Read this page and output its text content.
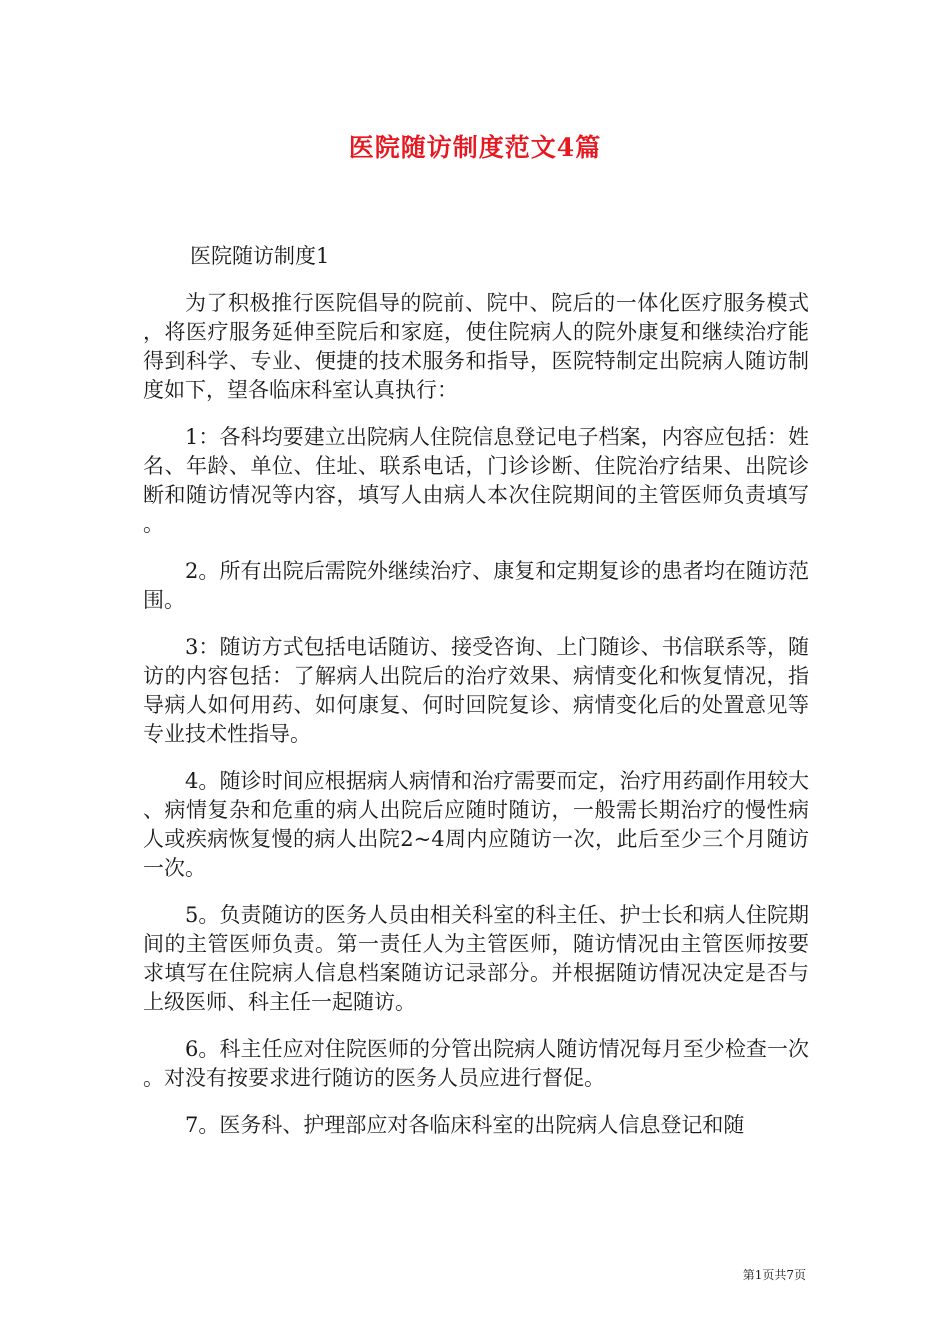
医院随访制度范文4篇

医院随访制度1

为了积极推行医院倡导的院前、院中、院后的一体化医疗服务模式，将医疗服务延伸至院后和家庭，使住院病人的院外康复和继续治疗能得到科学、专业、便捷的技术服务和指导，医院特制定出院病人随访制度如下，望各临床科室认真执行：

1：各科均要建立出院病人住院信息登记电子档案，内容应包括：姓名、年龄、单位、住址、联系电话，门诊诊断、住院治疗结果、出院诊断和随访情况等内容，填写人由病人本次住院期间的主管医师负责填写。

2。所有出院后需院外继续治疗、康复和定期复诊的患者均在随访范围。

3：随访方式包括电话随访、接受咨询、上门随诊、书信联系等，随访的内容包括：了解病人出院后的治疗效果、病情变化和恢复情况，指导病人如何用药、如何康复、何时回院复诊、病情变化后的处置意见等专业技术性指导。

4。随诊时间应根据病人病情和治疗需要而定，治疗用药副作用较大、病情复杂和危重的病人出院后应随时随访，一般需长期治疗的慢性病人或疾病恢复慢的病人出院2~4周内应随访一次，此后至少三个月随访一次。

5。负责随访的医务人员由相关科室的科主任、护士长和病人住院期间的主管医师负责。第一责任人为主管医师，随访情况由主管医师按要求填写在住院病人信息档案随访记录部分。并根据随访情况决定是否与上级医师、科主任一起随访。

6。科主任应对住院医师的分管出院病人随访情况每月至少检查一次。对没有按要求进行随访的医务人员应进行督促。

7。医务科、护理部应对各临床科室的出院病人信息登记和随

第1页共7页
